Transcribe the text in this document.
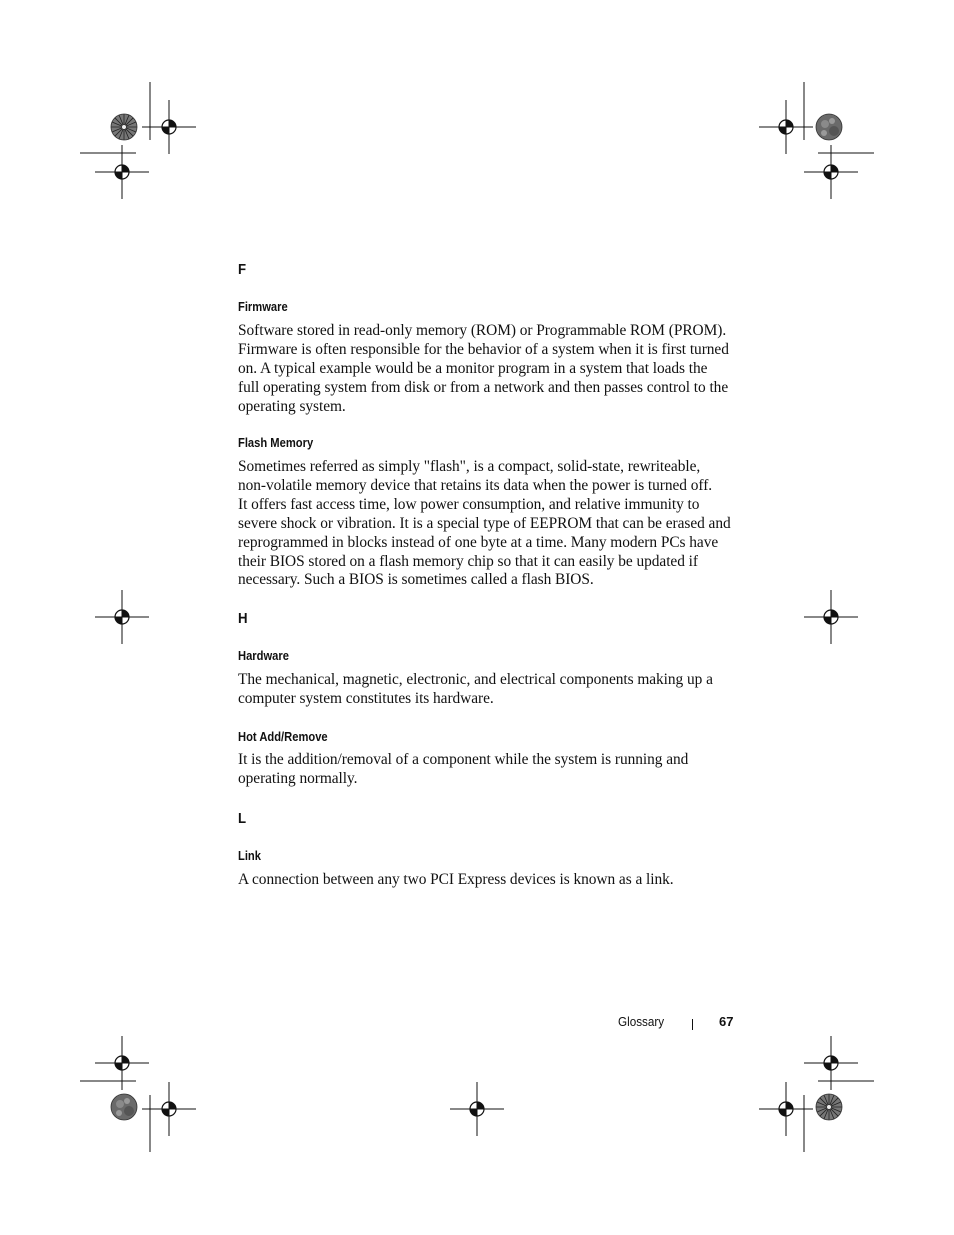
F

Firmware

Software stored in read-only memory (ROM) or Programmable ROM (PROM).

Firmware is often responsible for the behavior of a system when it is first turned

on. A typical example would be a monitor program in a system that loads the

full operating system from disk or from a network and then passes control to the

operating system.

Flash Memory

Sometimes referred as simply "flash", is a compact, solid-state, rewriteable,

non-volatile memory device that retains its data when the power is turned off.

It offers fast access time, low power consumption, and relative immunity to

severe shock or vibration. It is a special type of EEPROM that can be erased and

reprogrammed in blocks instead of one byte at a time. Many modern PCs have

their BIOS stored on a flash memory chip so that it can easily be updated if

necessary. Such a BIOS is sometimes called a flash BIOS.

H

Hardware

The mechanical, magnetic, electronic, and electrical components making up a

computer system constitutes its hardware.

Hot Add/Remove

It is the addition/removal of a component while the system is running and

operating normally.

L

Link

A connection between any two PCI Express devices is known as a link.

Glossary	67
